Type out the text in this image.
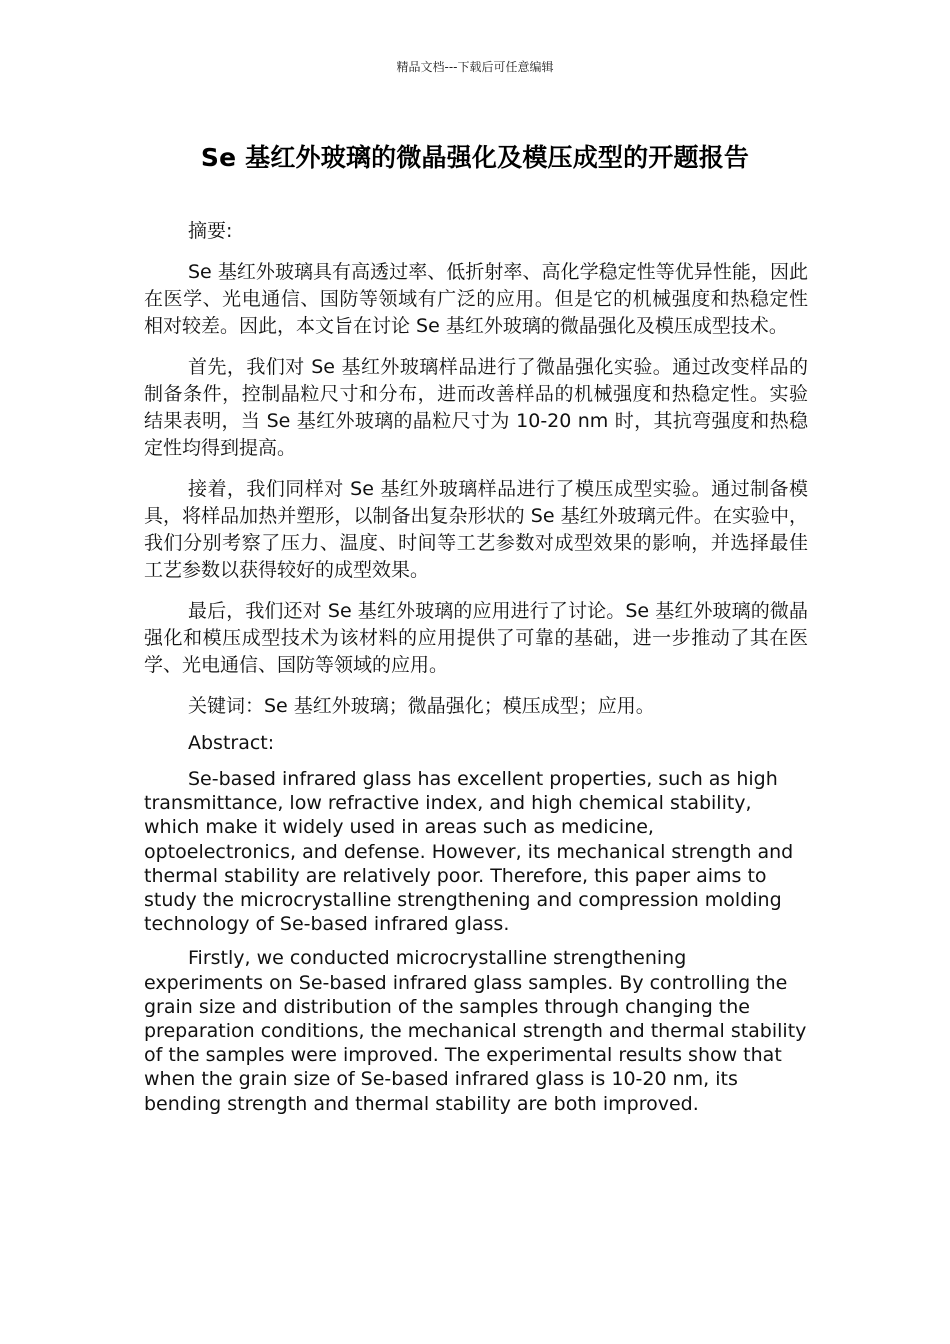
精品文档---下载后可任意编辑
Se 基红外玻璃的微晶强化及模压成型的开题报告

摘要:

Se 基红外玻璃具有高透过率、低折射率、高化学稳定性等优异性能，因此在医学、光电通信、国防等领域有广泛的应用。但是它的机械强度和热稳定性相对较差。因此，本文旨在讨论 Se 基红外玻璃的微晶强化及模压成型技术。

首先，我们对 Se 基红外玻璃样品进行了微晶强化实验。通过改变样品的制备条件，控制晶粒尺寸和分布，进而改善样品的机械强度和热稳定性。实验结果表明，当 Se 基红外玻璃的晶粒尺寸为 10-20 nm 时，其抗弯强度和热稳定性均得到提高。

接着，我们同样对 Se 基红外玻璃样品进行了模压成型实验。通过制备模具，将样品加热并塑形，以制备出复杂形状的 Se 基红外玻璃元件。在实验中，我们分别考察了压力、温度、时间等工艺参数对成型效果的影响，并选择最佳工艺参数以获得较好的成型效果。

最后，我们还对 Se 基红外玻璃的应用进行了讨论。Se 基红外玻璃的微晶强化和模压成型技术为该材料的应用提供了可靠的基础，进一步推动了其在医学、光电通信、国防等领域的应用。

关键词：Se 基红外玻璃；微晶强化；模压成型；应用。

Abstract:

Se-based infrared glass has excellent properties, such as high transmittance, low refractive index, and high chemical stability, which make it widely used in areas such as medicine, optoelectronics, and defense. However, its mechanical strength and thermal stability are relatively poor. Therefore, this paper aims to study the microcrystalline strengthening and compression molding technology of Se-based infrared glass.

Firstly, we conducted microcrystalline strengthening experiments on Se-based infrared glass samples. By controlling the grain size and distribution of the samples through changing the preparation conditions, the mechanical strength and thermal stability of the samples were improved. The experimental results show that when the grain size of Se-based infrared glass is 10-20 nm, its bending strength and thermal stability are both improved.
